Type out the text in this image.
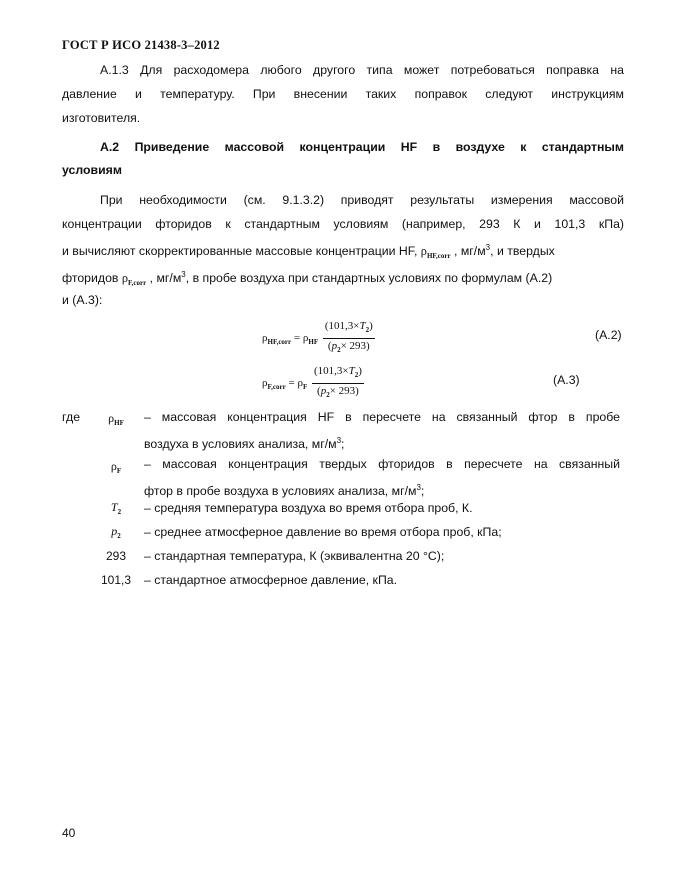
ГОСТ Р ИСО 21438-3–2012
А.1.3 Для расходомера любого другого типа может потребоваться поправка на
давление и температуру. При внесении таких поправок следуют инструкциям
изготовителя.
А.2 Приведение массовой концентрации HF в воздухе к стандартным
условиям
При необходимости (см. 9.1.3.2) приводят результаты измерения массовой
концентрации фторидов к стандартным условиям (например, 293 К и 101,3 кПа)
и вычисляют скорректированные массовые концентрации HF, $\rho_{HF,corr}$ , $мг/м^3$, и твердых
фторидов $\rho_{F,corr}$ , $мг/м^3$, в пробе воздуха при стандартных условиях по формулам (А.2)
и (А.3):
$\rho_{HF,corr} = \rho_{HF} \frac{(101,3\times T_2)}{(p_2\times 293)}$	(А.2)
$\rho_{F,corr} = \rho_F \frac{(101,3\times T_2)}{(p_2\times 293)}$	(А.3)
где	$\rho_{HF}$	– массовая концентрация HF в пересчете на связанный фтор в пробе
воздуха в условиях анализа, $мг/м^3$;
$\rho_F$	– массовая концентрация твердых фторидов в пересчете на связанный
фтор в пробе воздуха в условиях анализа, $мг/м^3$;
$T_2$	– средняя температура воздуха во время отбора проб, К.
$p_2$	– среднее атмосферное давление во время отбора проб, кПа;
293	– стандартная температура, К (эквивалентна 20 °С);
101,3	– стандартное атмосферное давление, кПа.
40
